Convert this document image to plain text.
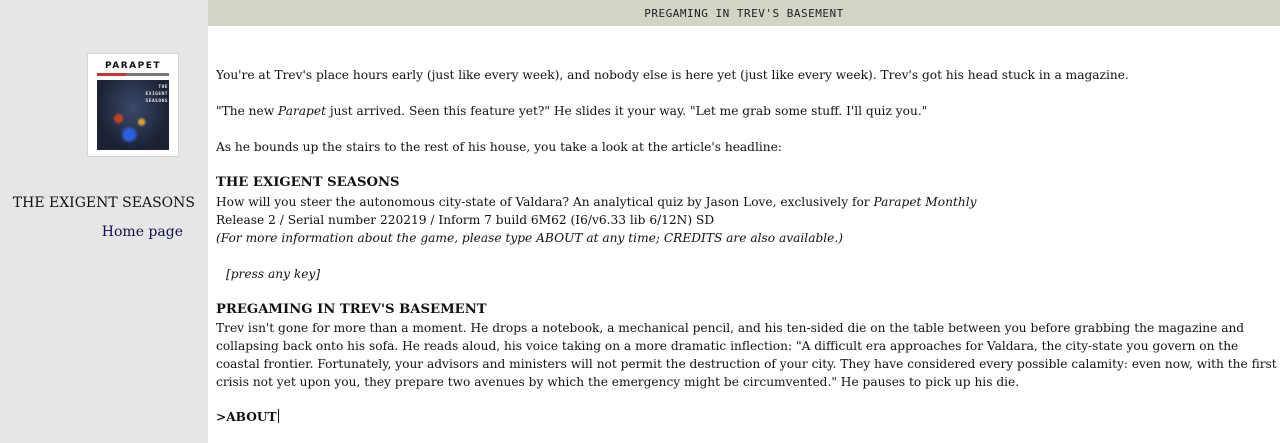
PARAPET
THE
EXIGENT
SEASONS
THE EXIGENT SEASONS
Home page
PREGAMING IN TREV'S BASEMENT
You're at Trev's place hours early (just like every week), and nobody else is here yet (just like every week). Trev's got his head stuck in a magazine.
"The new Parapet just arrived. Seen this feature yet?" He slides it your way. "Let me grab some stuff. I'll quiz you."
As he bounds up the stairs to the rest of his house, you take a look at the article's headline:
THE EXIGENT SEASONS
How will you steer the autonomous city-state of Valdara? An analytical quiz by Jason Love, exclusively for Parapet Monthly
Release 2 / Serial number 220219 / Inform 7 build 6M62 (I6/v6.33 lib 6/12N) SD
(For more information about the game, please type ABOUT at any time; CREDITS are also available.)
[press any key]
PREGAMING IN TREV'S BASEMENT
Trev isn't gone for more than a moment. He drops a notebook, a mechanical pencil, and his ten-sided die on the table between you before grabbing the magazine and collapsing back onto his sofa. He reads aloud, his voice taking on a more dramatic inflection: "A difficult era approaches for Valdara, the city-state you govern on the coastal frontier. Fortunately, your advisors and ministers will not permit the destruction of your city. They have considered every possible calamity: even now, with the first crisis not yet upon you, they prepare two avenues by which the emergency might be circumvented." He pauses to pick up his die.
>ABOUT
